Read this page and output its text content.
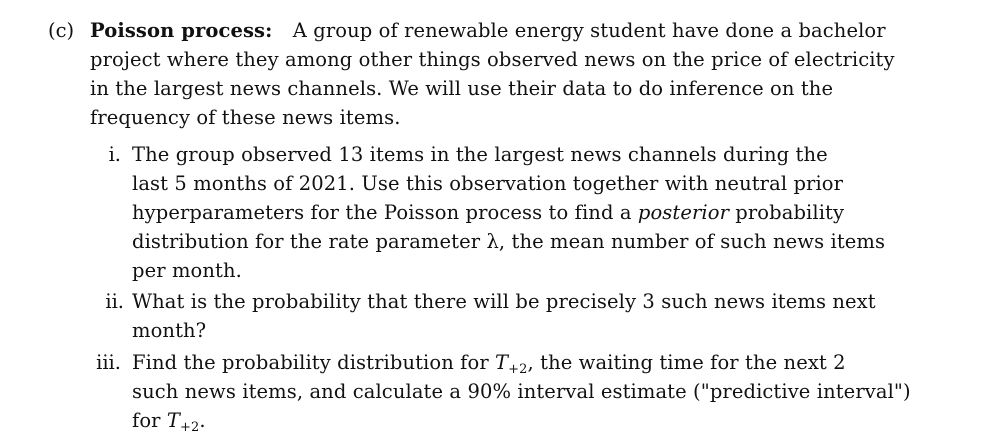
(c) Poisson process: A group of renewable energy student have done a bachelor
project where they among other things observed news on the price of electricity
in the largest news channels. We will use their data to do inference on the
frequency of these news items.
i. The group observed 13 items in the largest news channels during the
last 5 months of 2021. Use this observation together with neutral prior
hyperparameters for the Poisson process to find a posterior probability
distribution for the rate parameter λ, the mean number of such news items
per month.
ii. What is the probability that there will be precisely 3 such news items next
month?
iii. Find the probability distribution for $T_{+2}$, the waiting time for the next 2
such news items, and calculate a 90% interval estimate ("predictive interval")
for $T_{+2}$.
